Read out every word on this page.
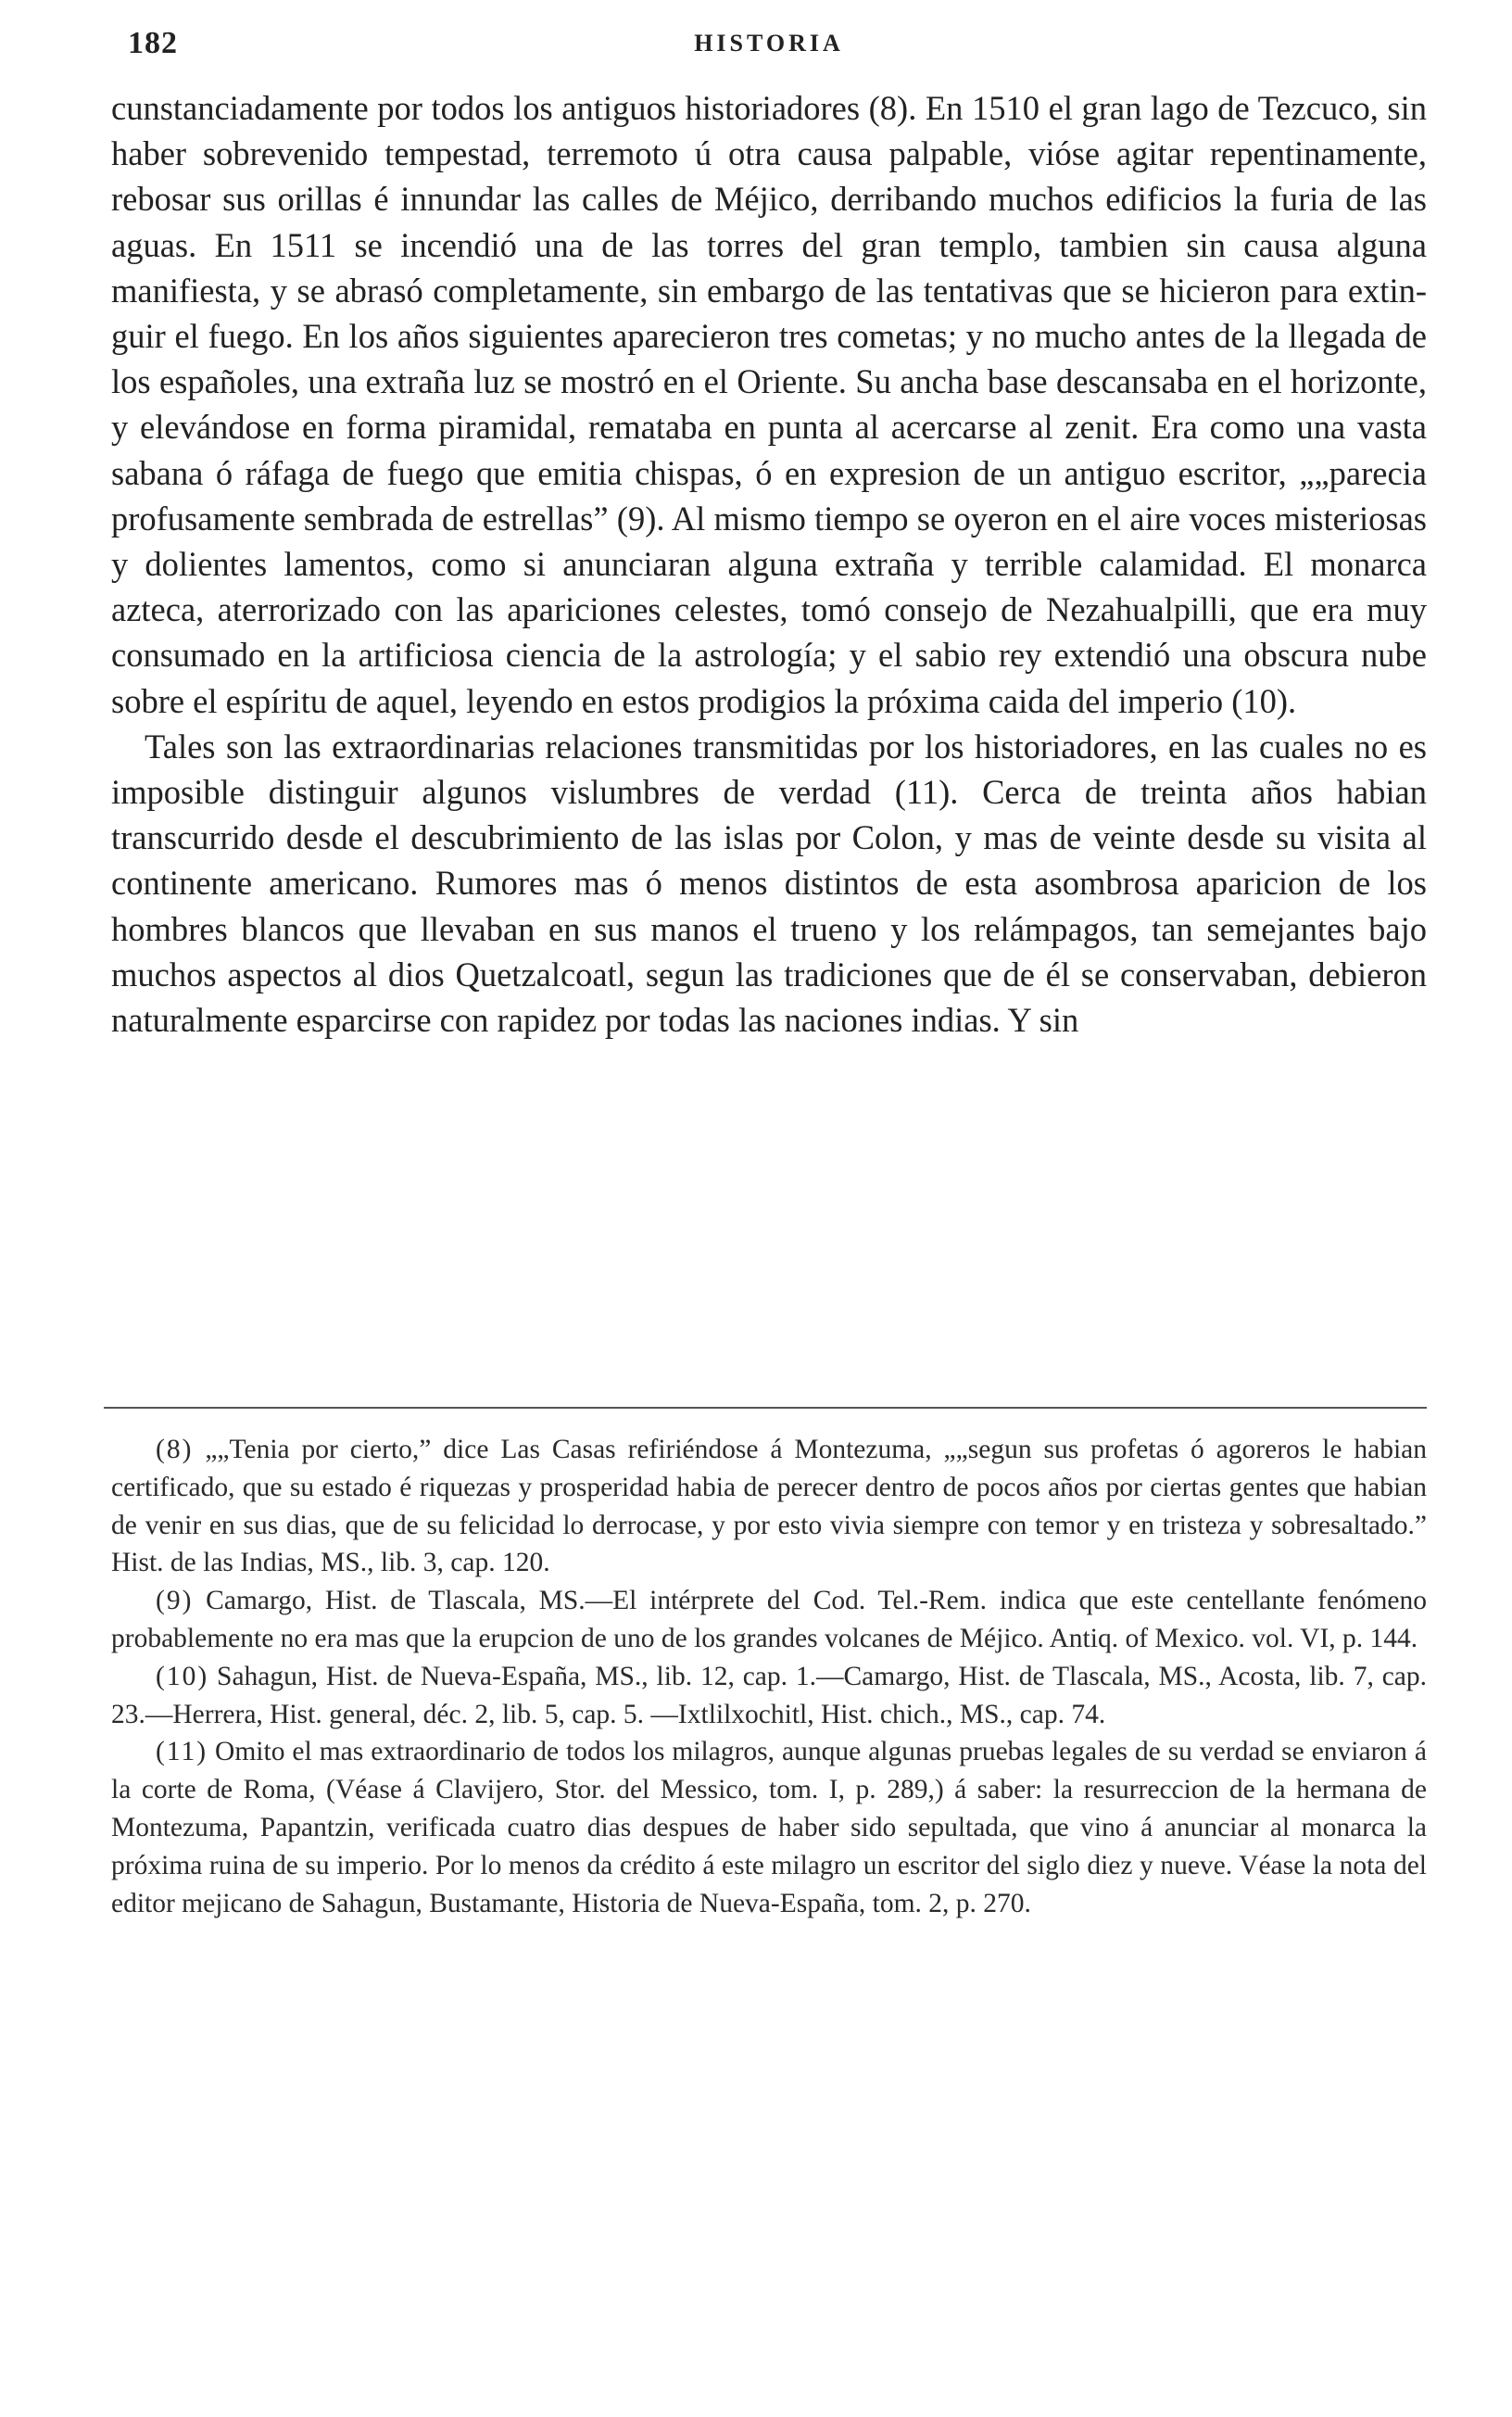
182	HISTORIA

cunstanciadamente por todos los antiguos historiadores (8). En 1510 el gran lago de Tezcuco, sin haber sobrevenido tempestad, terremoto ú otra causa palpable, vióse agitar repentinamente, rebosar sus orillas é innundar las calles de Méjico, derribando muchos edificios la furia de las aguas. En 1511 se incendió una de las torres del gran templo, tambien sin causa alguna manifiesta, y se abrasó completamente, sin embargo de las tentativas que se hicieron para extinguir el fuego. En los años siguientes aparecieron tres cometas; y no mucho antes de la llegada de los españoles, una extraña luz se mostró en el Oriente. Su ancha base descansaba en el horizonte, y elevándose en forma piramidal, remataba en punta al acercarse al zenit. Era como una vasta sabana ó ráfaga de fuego que emitia chispas, ó en expresion de un antiguo escritor, „„parecia profusamente sembrada de estrellas” (9). Al mismo tiempo se oyeron en el aire voces misteriosas y dolientes lamentos, como si anunciaran alguna extraña y terrible calamidad. El monarca azteca, aterrorizado con las apariciones celestes, tomó consejo de Nezahualpilli, que era muy consumado en la artificiosa ciencia de la astrología; y el sabio rey extendió una obscura nube sobre el espíritu de aquel, leyendo en estos prodigios la próxima caida del imperio (10).

Tales son las extraordinarias relaciones transmitidas por los historiadores, en las cuales no es imposible distinguir algunos vislumbres de verdad (11). Cerca de treinta años habian transcurrido desde el descubrimiento de las islas por Colon, y mas de veinte desde su visita al continente americano. Rumores mas ó menos distintos de esta asombrosa aparicion de los hombres blancos que llevaban en sus manos el trueno y los relámpagos, tan semejantes bajo muchos aspectos al dios Quetzalcoatl, segun las tradiciones que de él se conservaban, debieron naturalmente esparcirse con rapidez por todas las naciones indias. Y sin

(8) „„Tenia por cierto,” dice Las Casas refiriéndose á Montezuma, „„segun sus profetas ó agoreros le habian certificado, que su estado é riquezas y prosperidad habia de perecer dentro de pocos años por ciertas gentes que habian de venir en sus dias, que de su felicidad lo derrocase, y por esto vivia siempre con temor y en tristeza y sobresaltado.” Hist. de las Indias, MS., lib. 3, cap. 120.

(9) Camargo, Hist. de Tlascala, MS.—El intérprete del Cod. Tel.-Rem. indica que este centellante fenómeno probablemente no era mas que la erupcion de uno de los grandes volcanes de Méjico. Antiq. of Mexico. vol. VI, p. 144.

(10) Sahagun, Hist. de Nueva-España, MS., lib. 12, cap. 1.—Camargo, Hist. de Tlascala, MS., Acosta, lib. 7, cap. 23.—Herrera, Hist. general, déc. 2, lib. 5, cap. 5. —Ixtlilxochitl, Hist. chich., MS., cap. 74.

(11) Omito el mas extraordinario de todos los milagros, aunque algunas pruebas legales de su verdad se enviaron á la corte de Roma, (Véase á Clavijero, Stor. del Messico, tom. I, p. 289,) á saber: la resurreccion de la hermana de Montezuma, Papantzin, verificada cuatro dias despues de haber sido sepultada, que vino á anunciar al monarca la próxima ruina de su imperio. Por lo menos da crédito á este milagro un escritor del siglo diez y nueve. Véase la nota del editor mejicano de Sahagun, Bustamante, Historia de Nueva-España, tom. 2, p. 270.
